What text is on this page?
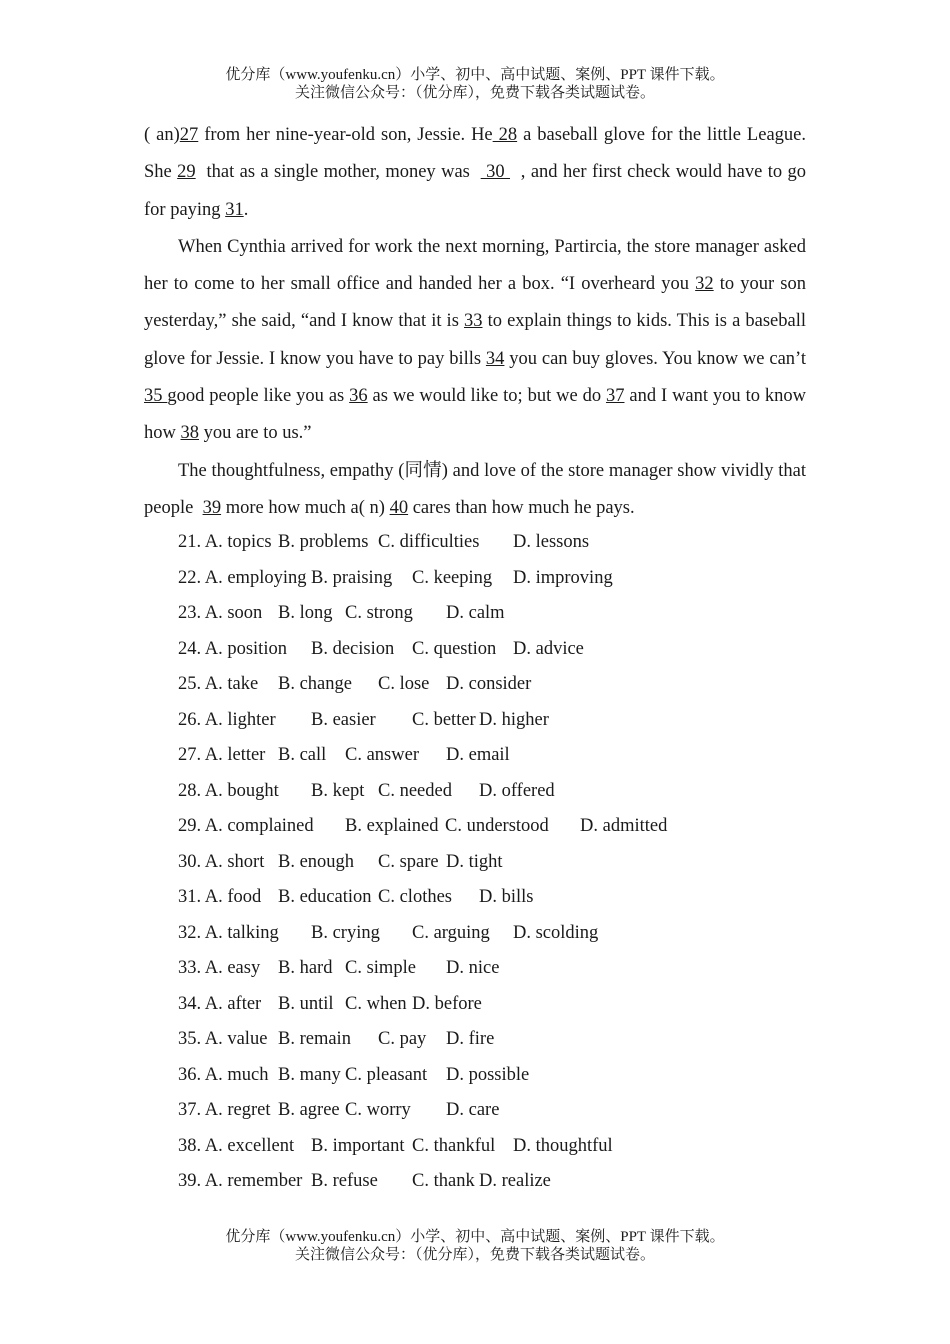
优分库（www.youfenku.cn）小学、初中、高中试题、案例、PPT 课件下载。
关注微信公众号：（优分库），免费下载各类试题试卷。

( an)27 from her nine-year-old son, Jessie. He 28 a baseball glove for the little League. She 29  that as a single mother, money was   30   , and her first check would have to go for paying 31.

When Cynthia arrived for work the next morning, Partircia, the store manager asked her to come to her small office and handed her a box. “I overheard you 32 to your son yesterday,” she said, “and I know that it is 33 to explain things to kids. This is a baseball glove for Jessie. I know you have to pay bills 34 you can buy gloves. You know we can’t 35 good people like you as 36 as we would like to; but we do 37 and I want you to know how 38 you are to us.”

The thoughtfulness, empathy (同情) and love of the store manager show vividly that people  39 more how much a( n) 40 cares than how much he pays.

21. A. topics B. problems C. difficulties D. lessons
22. A. employing B. praising C. keeping D. improving
23. A. soon B. long C. strong D. calm
24. A. position B. decision C. question D. advice
25. A. take B. change C. lose D. consider
26. A. lighter B. easier C. better D. higher
27. A. letter B. call C. answer D. email
28. A. bought B. kept C. needed D. offered
29. A. complained B. explained C. understood D. admitted
30. A. short B. enough C. spare D. tight
31. A. food B. education C. clothes D. bills
32. A. talking B. crying C. arguing D. scolding
33. A. easy B. hard C. simple D. nice
34. A. after B. until C. when D. before
35. A. value B. remain C. pay D. fire
36. A. much B. many C. pleasant D. possible
37. A. regret B. agree C. worry D. care
38. A. excellent B. important C. thankful D. thoughtful
39. A. remember B. refuse C. thank D. realize
优分库（www.youfenku.cn）小学、初中、高中试题、案例、PPT 课件下载。
关注微信公众号：（优分库），免费下载各类试题试卷。
